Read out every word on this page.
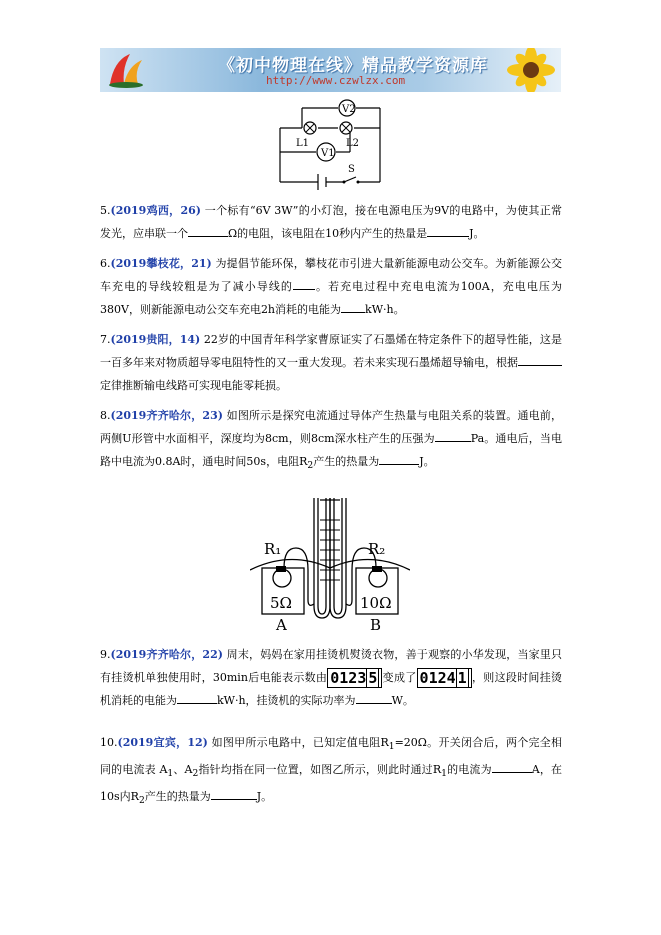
《初中物理在线》精品教学资源库
http://www.czwlzx.com
V2
L1	L2
V1
S
5.(2019鸡西，26) 一个标有“6V 3W”的小灯泡，接在电源电压为9V的电路中，为使其正常发光，应串联一个	Ω的电阻，该电阻在10秒内产生的热量是	J。
6.(2019攀枝花，21) 为提倡节能环保，攀枝花市引进大量新能源电动公交车。为新能源公交车充电的导线较粗是为了减小导线的 。若充电过程中充电电流为100A，充电电压为380V，则新能源电动公交车充电2h消耗的电能为 kW·h。
7.(2019贵阳，14) 22岁的中国青年科学家曹原证实了石墨烯在特定条件下的超导性能，这是一百多年来对物质超导零电阻特性的又一重大发现。若未来实现石墨烯超导输电，根据定律推断输电线路可实现电能零耗损。
8.(2019齐齐哈尔，23) 如图所示是探究电流通过导体产生热量与电阻关系的装置。通电前，两侧U形管中水面相平，深度均为8cm，则8cm深水柱产生的压强为	Pa。通电后，当电路中电流为0.8A时，通电时间50s，电阻$R_2$产生的热量为	J。
R₁	R₂
5Ω	10Ω
A	B
9.(2019齐齐哈尔，22) 周末，妈妈在家用挂烫机熨烫衣物，善于观察的小华发现，当家里只有挂烫机单独使用时，30min后电能表示数由 0123 5 变成了 0124 1 ，则这段时间挂烫机消耗的电能为	kW·h，挂烫机的实际功率为	W。
10.(2019宜宾，12) 如图甲所示电路中，已知定值电阻$R_1=20\Omega$。开关闭合后，两个完全相同的电流表 $A_1$、$A_2$指针均指在同一位置，如图乙所示，则此时通过$R_1$的电流为	A，在10s内$R_2$产生的热量为	J。
